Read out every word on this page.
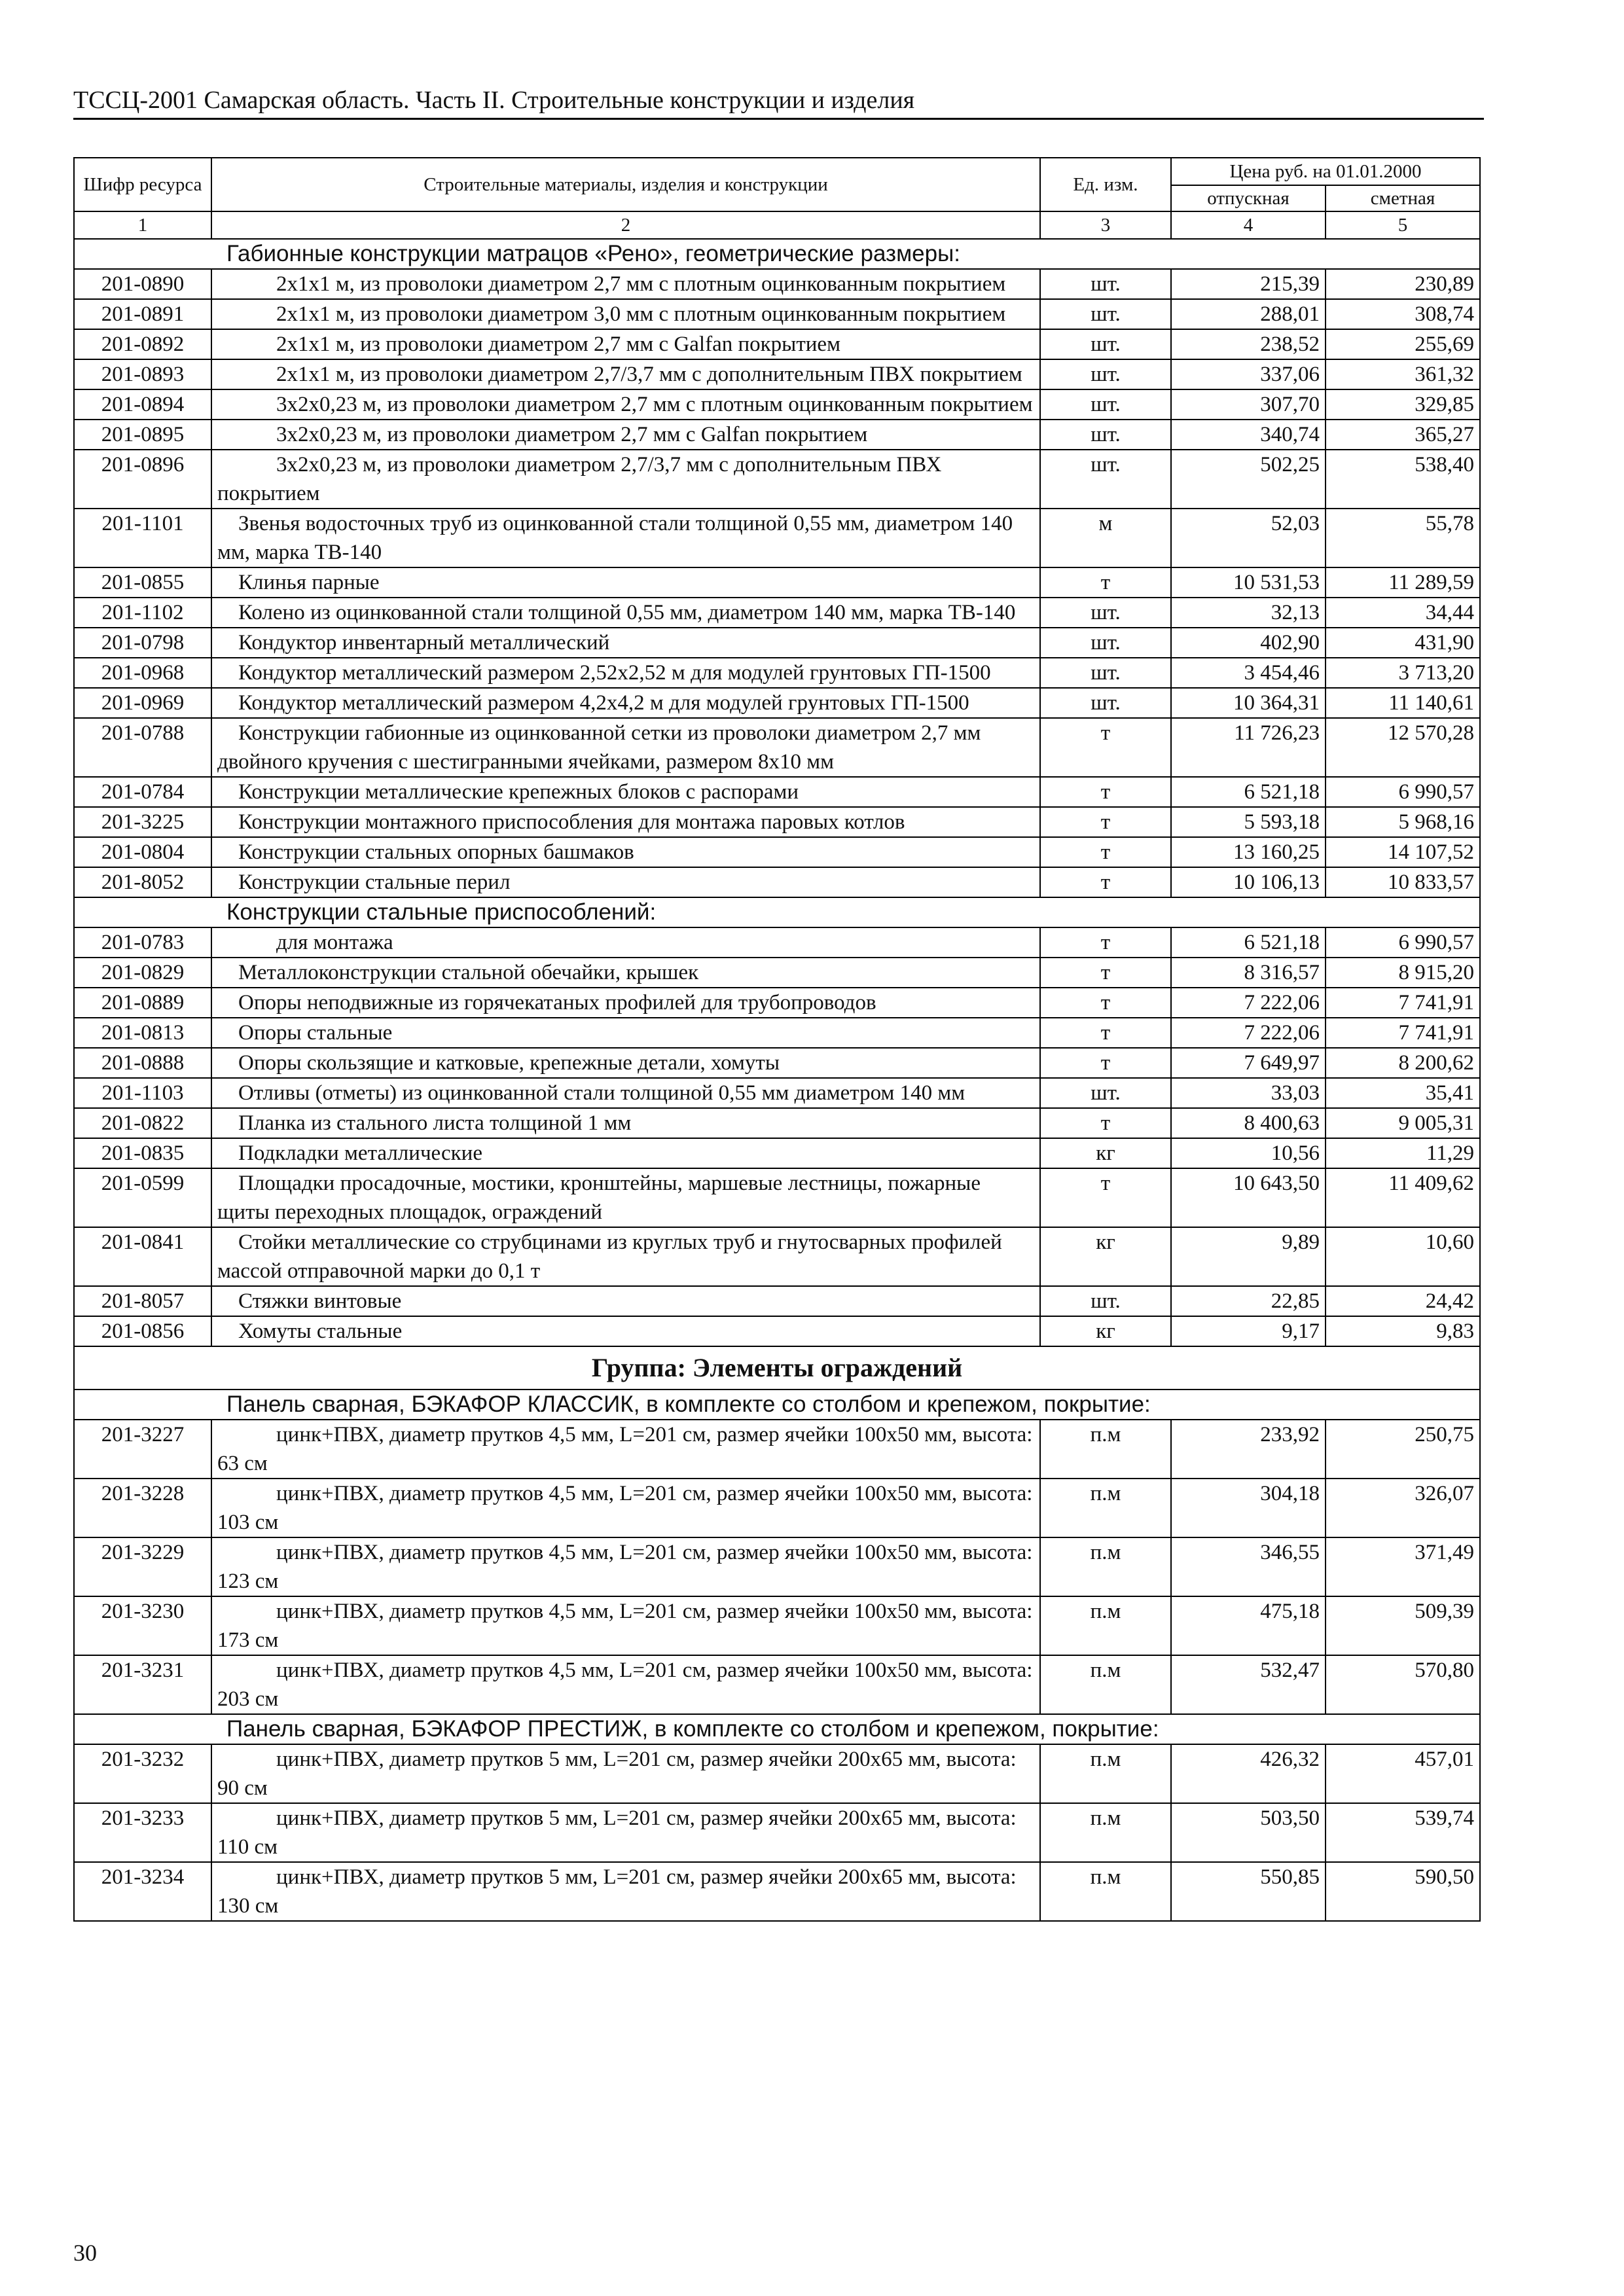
ТССЦ-2001 Самарская область. Часть II. Строительные конструкции и изделия
Шифр ресурса	Строительные материалы, изделия и конструкции	Ед. изм.	Цена руб. на 01.01.2000	
			отпускная	сметная
1	2	3	4	5
Габионные конструкции матрацов «Рено», геометрические размеры:				
201-0890	2x1x1 м, из проволоки диаметром 2,7 мм с плотным оцинкованным покрытием	шт.	215,39	230,89
201-0891	2x1x1 м, из проволоки диаметром 3,0 мм с плотным оцинкованным покрытием	шт.	288,01	308,74
201-0892	2x1x1 м, из проволоки диаметром 2,7 мм с Galfan покрытием	шт.	238,52	255,69
201-0893	2x1x1 м, из проволоки диаметром 2,7/3,7 мм с дополнительным ПВХ покрытием	шт.	337,06	361,32
201-0894	3x2x0,23 м, из проволоки диаметром 2,7 мм с плотным оцинкованным покрытием	шт.	307,70	329,85
201-0895	3x2x0,23 м, из проволоки диаметром 2,7 мм с Galfan покрытием	шт.	340,74	365,27
201-0896	3x2x0,23 м, из проволоки диаметром 2,7/3,7 мм с дополнительным ПВХ покрытием	шт.	502,25	538,40
201-1101	Звенья водосточных труб из оцинкованной стали толщиной 0,55 мм, диаметром 140 мм, марка ТВ-140	м	52,03	55,78
201-0855	Клинья парные	т	10 531,53	11 289,59
201-1102	Колено из оцинкованной стали толщиной 0,55 мм, диаметром 140 мм, марка ТВ-140	шт.	32,13	34,44
201-0798	Кондуктор инвентарный металлический	шт.	402,90	431,90
201-0968	Кондуктор металлический размером 2,52x2,52 м для модулей грунтовых ГП-1500	шт.	3 454,46	3 713,20
201-0969	Кондуктор металлический размером 4,2x4,2 м для модулей грунтовых ГП-1500	шт.	10 364,31	11 140,61
201-0788	Конструкции габионные из оцинкованной сетки из проволоки диаметром 2,7 мм двойного кручения с шестигранными ячейками, размером 8x10 мм	т	11 726,23	12 570,28
201-0784	Конструкции металлические крепежных блоков с распорами	т	6 521,18	6 990,57
201-3225	Конструкции монтажного приспособления для монтажа паровых котлов	т	5 593,18	5 968,16
201-0804	Конструкции стальных опорных башмаков	т	13 160,25	14 107,52
201-8052	Конструкции стальные перил	т	10 106,13	10 833,57
Конструкции стальные приспособлений:				
201-0783	для монтажа	т	6 521,18	6 990,57
201-0829	Металлоконструкции стальной обечайки, крышек	т	8 316,57	8 915,20
201-0889	Опоры неподвижные из горячекатаных профилей для трубопроводов	т	7 222,06	7 741,91
201-0813	Опоры стальные	т	7 222,06	7 741,91
201-0888	Опоры скользящие и катковые, крепежные детали, хомуты	т	7 649,97	8 200,62
201-1103	Отливы (отметы) из оцинкованной стали толщиной 0,55 мм диаметром 140 мм	шт.	33,03	35,41
201-0822	Планка из стального листа толщиной 1 мм	т	8 400,63	9 005,31
201-0835	Подкладки металлические	кг	10,56	11,29
201-0599	Площадки просадочные, мостики, кронштейны, маршевые лестницы, пожарные щиты переходных площадок, ограждений	т	10 643,50	11 409,62
201-0841	Стойки металлические со струбцинами из круглых труб и гнутосварных профилей массой отправочной марки до 0,1 т	кг	9,89	10,60
201-8057	Стяжки винтовые	шт.	22,85	24,42
201-0856	Хомуты стальные	кг	9,17	9,83
Группа: Элементы ограждений				
Панель сварная, БЭКАФОР КЛАССИК, в комплекте со столбом и крепежом, покрытие:				
201-3227	цинк+ПВХ, диаметр прутков 4,5 мм, L=201 см, размер ячейки 100x50 мм, высота: 63 см	п.м	233,92	250,75
201-3228	цинк+ПВХ, диаметр прутков 4,5 мм, L=201 см, размер ячейки 100x50 мм, высота: 103 см	п.м	304,18	326,07
201-3229	цинк+ПВХ, диаметр прутков 4,5 мм, L=201 см, размер ячейки 100x50 мм, высота: 123 см	п.м	346,55	371,49
201-3230	цинк+ПВХ, диаметр прутков 4,5 мм, L=201 см, размер ячейки 100x50 мм, высота: 173 см	п.м	475,18	509,39
201-3231	цинк+ПВХ, диаметр прутков 4,5 мм, L=201 см, размер ячейки 100x50 мм, высота: 203 см	п.м	532,47	570,80
Панель сварная, БЭКАФОР ПРЕСТИЖ, в комплекте со столбом и крепежом, покрытие:				
201-3232	цинк+ПВХ, диаметр прутков 5 мм, L=201 см, размер ячейки 200x65 мм, высота: 90 см	п.м	426,32	457,01
201-3233	цинк+ПВХ, диаметр прутков 5 мм, L=201 см, размер ячейки 200x65 мм, высота: 110 см	п.м	503,50	539,74
201-3234	цинк+ПВХ, диаметр прутков 5 мм, L=201 см, размер ячейки 200x65 мм, высота: 130 см	п.м	550,85	590,50
30
